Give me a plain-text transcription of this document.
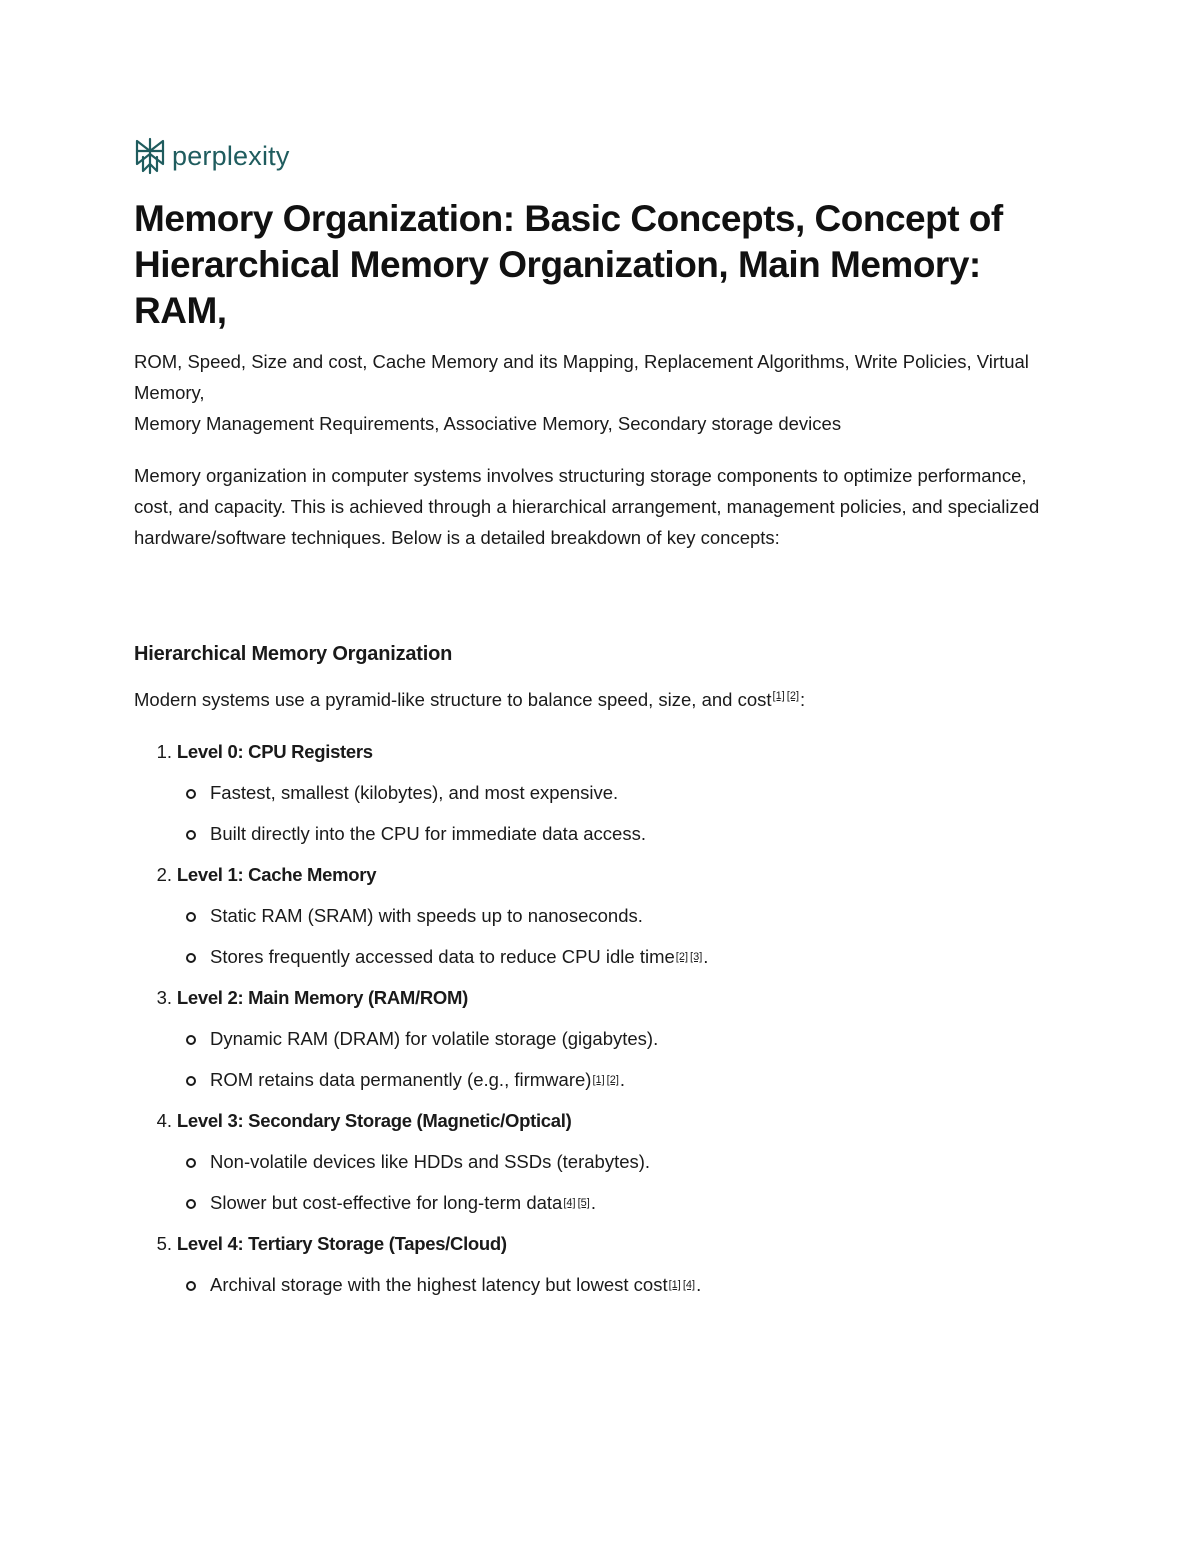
perplexity
Memory Organization: Basic Concepts, Concept of Hierarchical Memory Organization, Main Memory: RAM,

ROM, Speed, Size and cost, Cache Memory and its Mapping, Replacement Algorithms, Write Policies, Virtual Memory,
Memory Management Requirements, Associative Memory, Secondary storage devices

Memory organization in computer systems involves structuring storage components to optimize performance, cost, and capacity. This is achieved through a hierarchical arrangement, management policies, and specialized hardware/software techniques. Below is a detailed breakdown of key concepts:

Hierarchical Memory Organization

Modern systems use a pyramid-like structure to balance speed, size, and cost[1] [2]:

1.
Level 0: CPU Registers
Fastest, smallest (kilobytes), and most expensive.
Built directly into the CPU for immediate data access.
2.
Level 1: Cache Memory
Static RAM (SRAM) with speeds up to nanoseconds.
Stores frequently accessed data to reduce CPU idle time [2] [3] .
3.
Level 2: Main Memory (RAM/ROM)
Dynamic RAM (DRAM) for volatile storage (gigabytes).
ROM retains data permanently (e.g., firmware) [1] [2] .
4.
Level 3: Secondary Storage (Magnetic/Optical)
Non-volatile devices like HDDs and SSDs (terabytes).
Slower but cost-effective for long-term data [4] [5] .
5.
Level 4: Tertiary Storage (Tapes/Cloud)
Archival storage with the highest latency but lowest cost [1] [4] .
